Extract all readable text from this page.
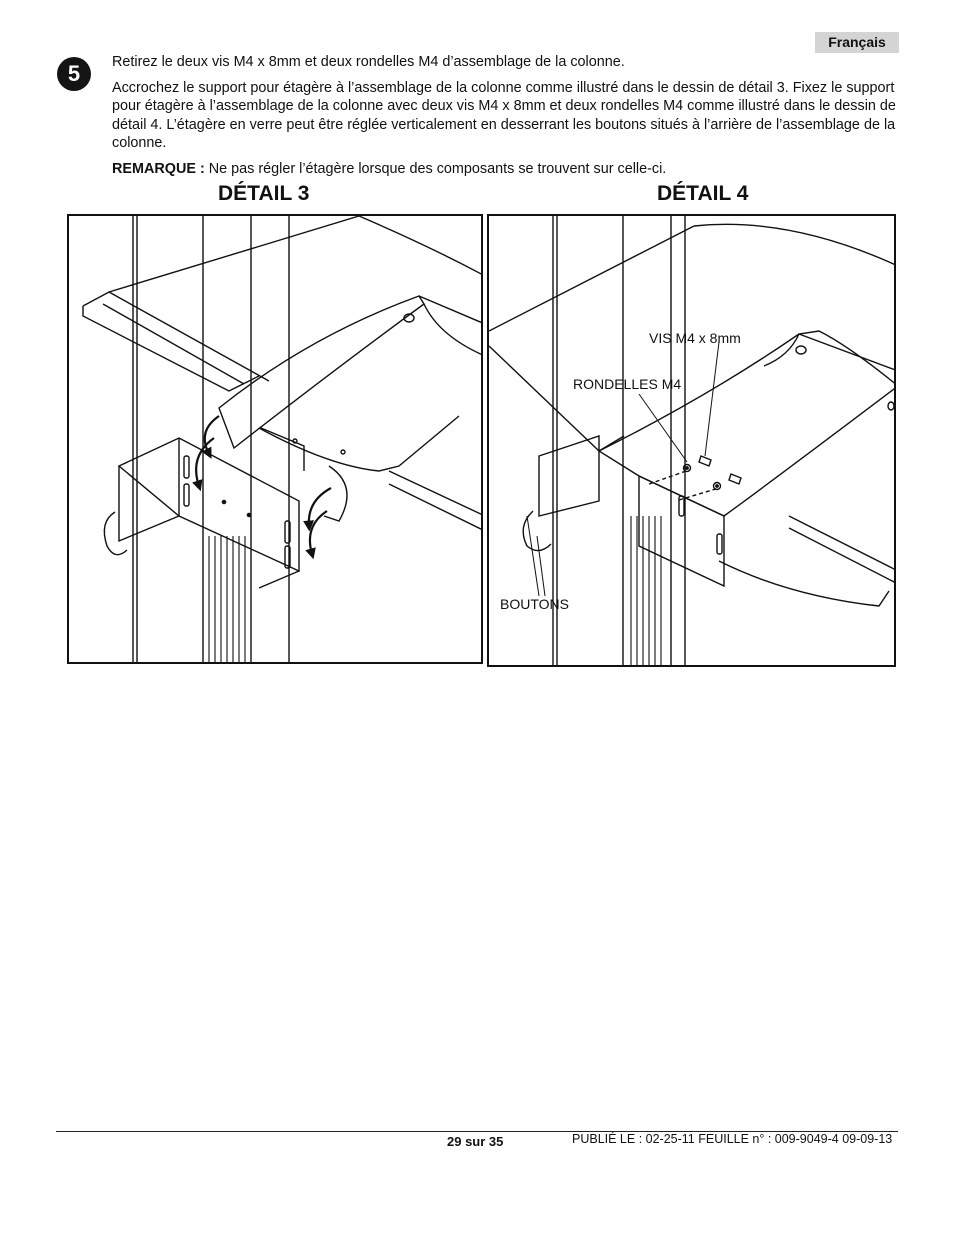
Français
5	Retirez le deux vis M4 x 8mm et deux rondelles M4 d’assemblage de la colonne.

Accrochez le support pour étagère à l’assemblage de la colonne comme illustré dans le dessin de détail 3. Fixez le support pour étagère à l’assemblage de la colonne avec deux vis M4 x 8mm et deux rondelles M4 comme illustré dans le dessin de détail 4. L’étagère en verre peut être réglée verticalement en desserrant les boutons situés à l’arrière de l’assemblage de la colonne.

REMARQUE : Ne pas régler l’étagère lorsque des composants se trouvent sur celle-ci.

DÉTAIL 3	DÉTAIL 4
VIS M4 x 8mm
RONDELLES M4
BOUTONS
29 sur 35	PUBLIÉ LE : 02-25-11 FEUILLE n° : 009-9049-4 09-09-13
